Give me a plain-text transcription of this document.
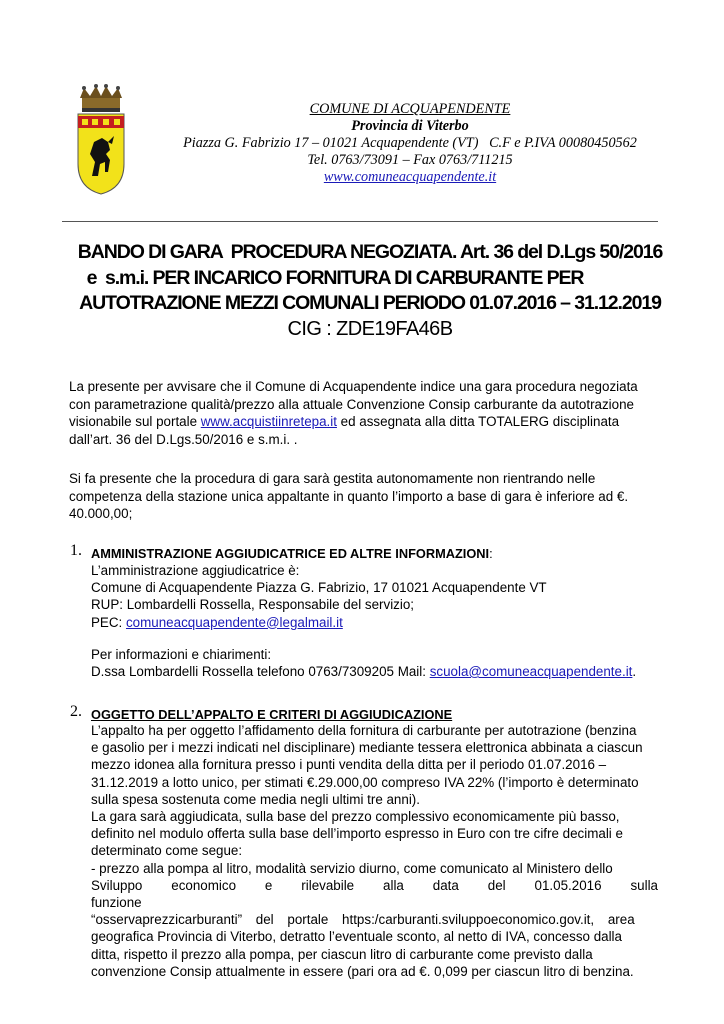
COMUNE DI ACQUAPENDENTE
Provincia di Viterbo
Piazza G. Fabrizio 17 – 01021 Acquapendente (VT)   C.F e P.IVA 00080450562
Tel. 0763/73091 – Fax 0763/711215
www.comuneacquapendente.it
BANDO DI GARA  PROCEDURA NEGOZIATA. Art. 36 del D.Lgs 50/2016
e  s.m.i. PER INCARICO FORNITURA DI CARBURANTE PER
AUTOTRAZIONE MEZZI COMUNALI PERIODO 01.07.2016 – 31.12.2019
CIG : ZDE19FA46B
La presente per avvisare che il Comune di Acquapendente indice una gara procedura negoziata
con parametrazione qualità/prezzo alla attuale Convenzione Consip carburante da autotrazione
visionabile sul portale www.acquistiinretepa.it ed assegnata alla ditta TOTALERG disciplinata
dall’art. 36 del D.Lgs.50/2016 e s.m.i. .
Si fa presente che la procedura di gara sarà gestita autonomamente non rientrando nelle
competenza della stazione unica appaltante in quanto l’importo a base di gara è inferiore ad €.
40.000,00;
1. AMMINISTRAZIONE AGGIUDICATRICE ED ALTRE INFORMAZIONI:
L’amministrazione aggiudicatrice è:
Comune di Acquapendente Piazza G. Fabrizio, 17 01021 Acquapendente VT
RUP: Lombardelli Rossella, Responsabile del servizio;
PEC: comuneacquapendente@legalmail.it
Per informazioni e chiarimenti:
D.ssa Lombardelli Rossella telefono 0763/7309205 Mail: scuola@comuneacquapendente.it.
2. OGGETTO DELL’APPALTO E CRITERI DI AGGIUDICAZIONE
L’appalto ha per oggetto l’affidamento della fornitura di carburante per autotrazione (benzina
e gasolio per i mezzi indicati nel disciplinare) mediante tessera elettronica abbinata a ciascun
mezzo idonea alla fornitura presso i punti vendita della ditta per il periodo 01.07.2016 –
31.12.2019 a lotto unico, per stimati €.29.000,00 compreso IVA 22% (l’importo è determinato
sulla spesa sostenuta come media negli ultimi tre anni).
La gara sarà aggiudicata, sulla base del prezzo complessivo economicamente più basso,
definito nel modulo offerta sulla base dell’importo espresso in Euro con tre cifre decimali e
determinato come segue:
- prezzo alla pompa al litro, modalità servizio diurno, come comunicato al Ministero dello
Sviluppo economico e rilevabile alla data del 01.05.2016 sulla funzione
“osservaprezzicarburanti” del portale https:/carburanti.sviluppoeconomico.gov.it, area
geografica Provincia di Viterbo, detratto l’eventuale sconto, al netto di IVA, concesso dalla
ditta, rispetto il prezzo alla pompa, per ciascun litro di carburante come previsto dalla
convenzione Consip attualmente in essere (pari ora ad €. 0,099 per ciascun litro di benzina.
